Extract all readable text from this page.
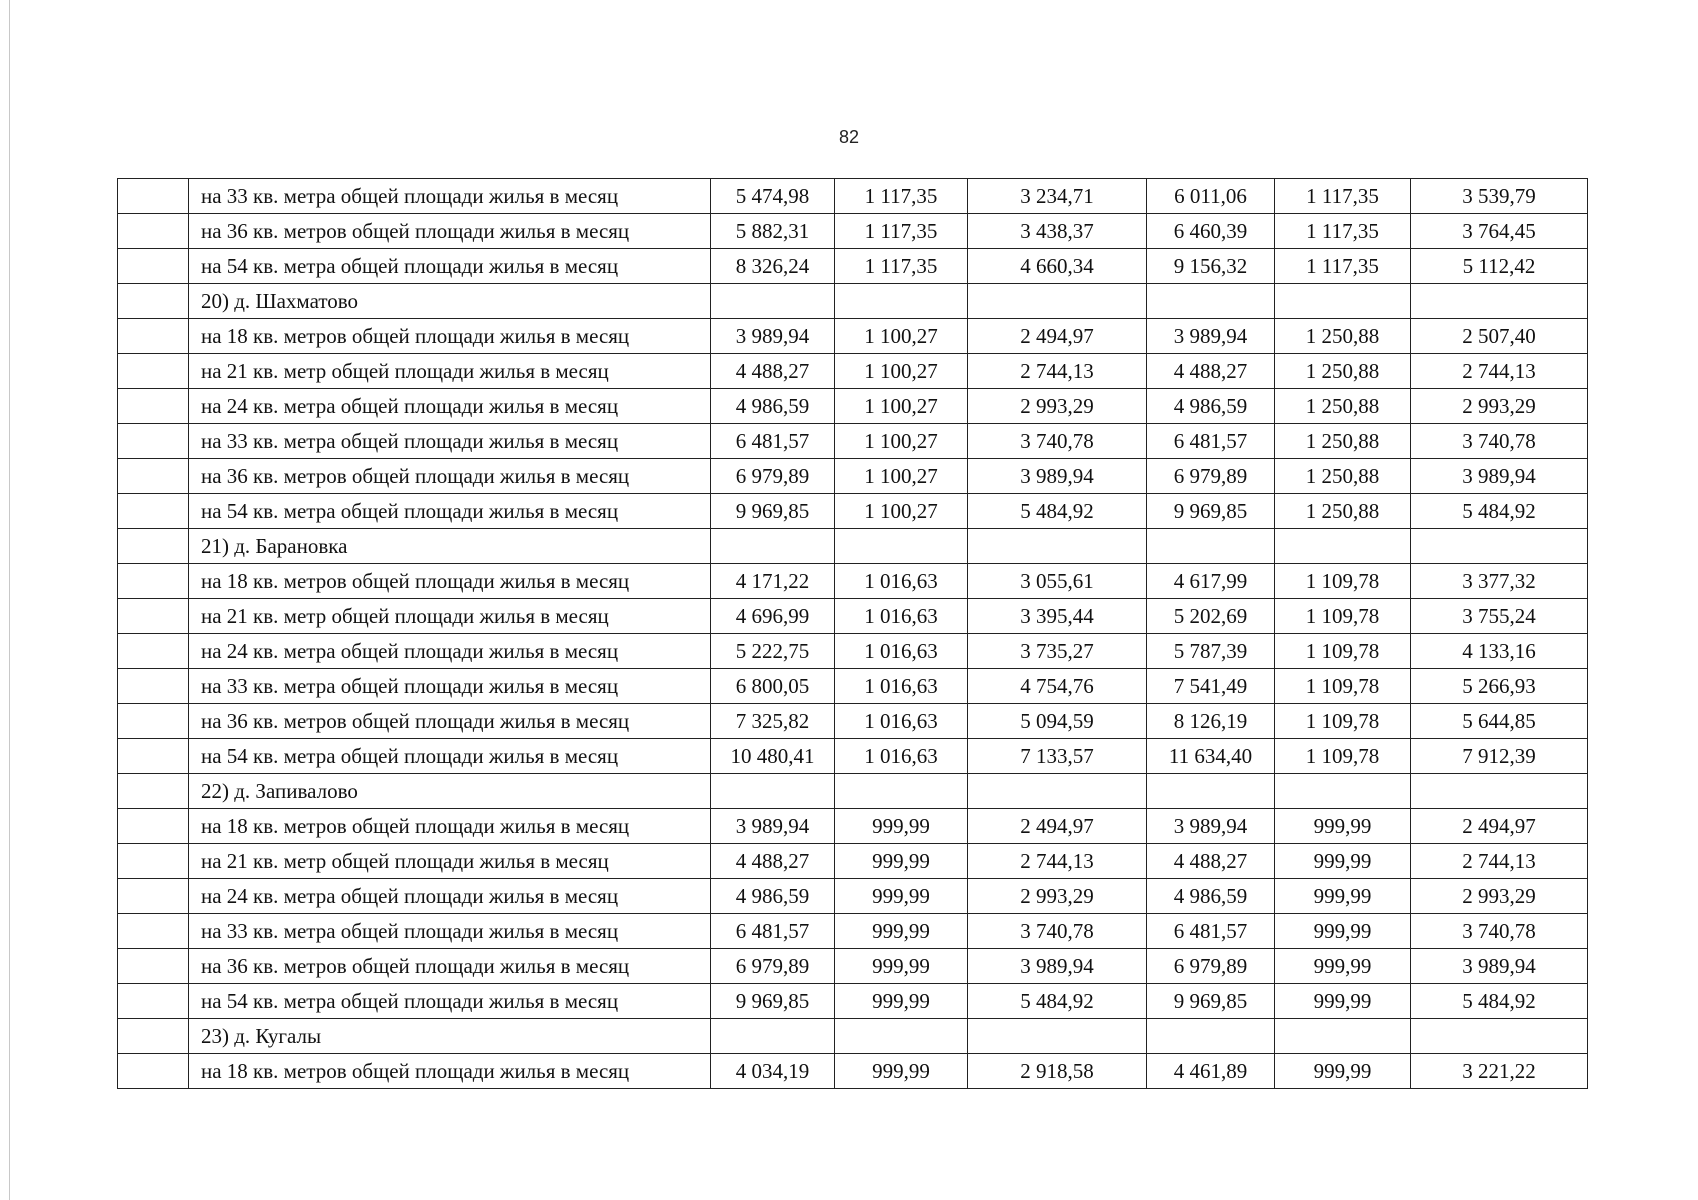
82
	на 33 кв. метра общей площади жилья в месяц	5 474,98	1 117,35	3 234,71	6 011,06	1 117,35	3 539,79
	на 36 кв. метров общей площади жилья в месяц	5 882,31	1 117,35	3 438,37	6 460,39	1 117,35	3 764,45
	на 54 кв. метра общей площади жилья в месяц	8 326,24	1 117,35	4 660,34	9 156,32	1 117,35	5 112,42
	20) д. Шахматово						
	на 18 кв. метров общей площади жилья в месяц	3 989,94	1 100,27	2 494,97	3 989,94	1 250,88	2 507,40
	на 21 кв. метр общей площади жилья в месяц	4 488,27	1 100,27	2 744,13	4 488,27	1 250,88	2 744,13
	на 24 кв. метра общей площади жилья в месяц	4 986,59	1 100,27	2 993,29	4 986,59	1 250,88	2 993,29
	на 33 кв. метра общей площади жилья в месяц	6 481,57	1 100,27	3 740,78	6 481,57	1 250,88	3 740,78
	на 36 кв. метров общей площади жилья в месяц	6 979,89	1 100,27	3 989,94	6 979,89	1 250,88	3 989,94
	на 54 кв. метра общей площади жилья в месяц	9 969,85	1 100,27	5 484,92	9 969,85	1 250,88	5 484,92
	21) д. Барановка						
	на 18 кв. метров общей площади жилья в месяц	4 171,22	1 016,63	3 055,61	4 617,99	1 109,78	3 377,32
	на 21 кв. метр общей площади жилья в месяц	4 696,99	1 016,63	3 395,44	5 202,69	1 109,78	3 755,24
	на 24 кв. метра общей площади жилья в месяц	5 222,75	1 016,63	3 735,27	5 787,39	1 109,78	4 133,16
	на 33 кв. метра общей площади жилья в месяц	6 800,05	1 016,63	4 754,76	7 541,49	1 109,78	5 266,93
	на 36 кв. метров общей площади жилья в месяц	7 325,82	1 016,63	5 094,59	8 126,19	1 109,78	5 644,85
	на 54 кв. метра общей площади жилья в месяц	10 480,41	1 016,63	7 133,57	11 634,40	1 109,78	7 912,39
	22) д. Запивалово						
	на 18 кв. метров общей площади жилья в месяц	3 989,94	999,99	2 494,97	3 989,94	999,99	2 494,97
	на 21 кв. метр общей площади жилья в месяц	4 488,27	999,99	2 744,13	4 488,27	999,99	2 744,13
	на 24 кв. метра общей площади жилья в месяц	4 986,59	999,99	2 993,29	4 986,59	999,99	2 993,29
	на 33 кв. метра общей площади жилья в месяц	6 481,57	999,99	3 740,78	6 481,57	999,99	3 740,78
	на 36 кв. метров общей площади жилья в месяц	6 979,89	999,99	3 989,94	6 979,89	999,99	3 989,94
	на 54 кв. метра общей площади жилья в месяц	9 969,85	999,99	5 484,92	9 969,85	999,99	5 484,92
	23) д. Кугалы						
	на 18 кв. метров общей площади жилья в месяц	4 034,19	999,99	2 918,58	4 461,89	999,99	3 221,22
